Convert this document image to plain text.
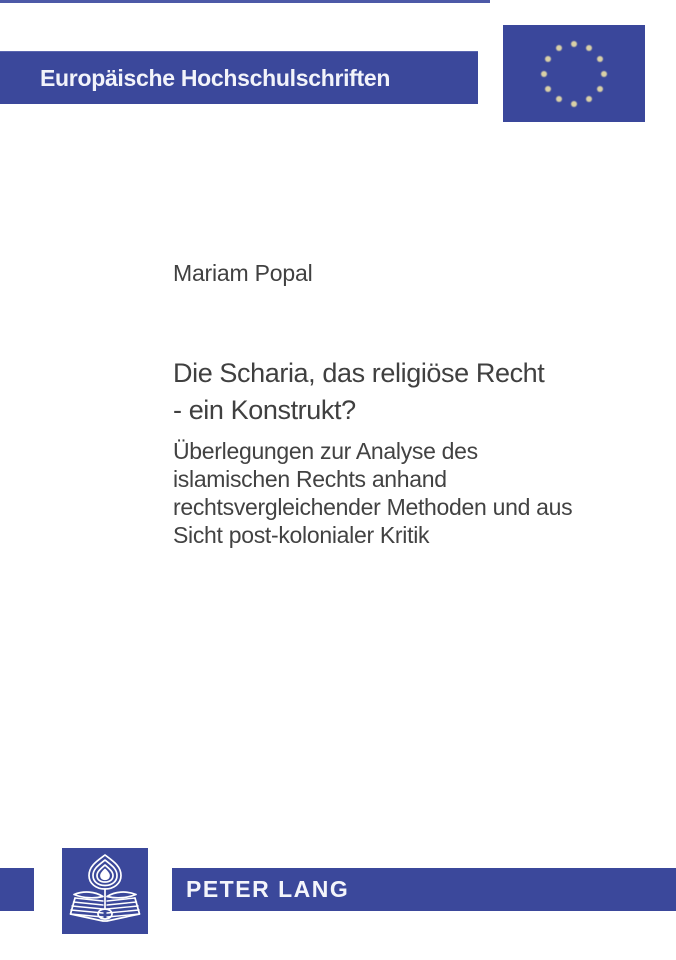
Europäische Hochschulschriften
Mariam Popal
Die Scharia, das religiöse Recht
- ein Konstrukt?
Überlegungen zur Analyse des
islamischen Rechts anhand
rechtsvergleichender Methoden und aus
Sicht post-kolonialer Kritik
PETER LANG
